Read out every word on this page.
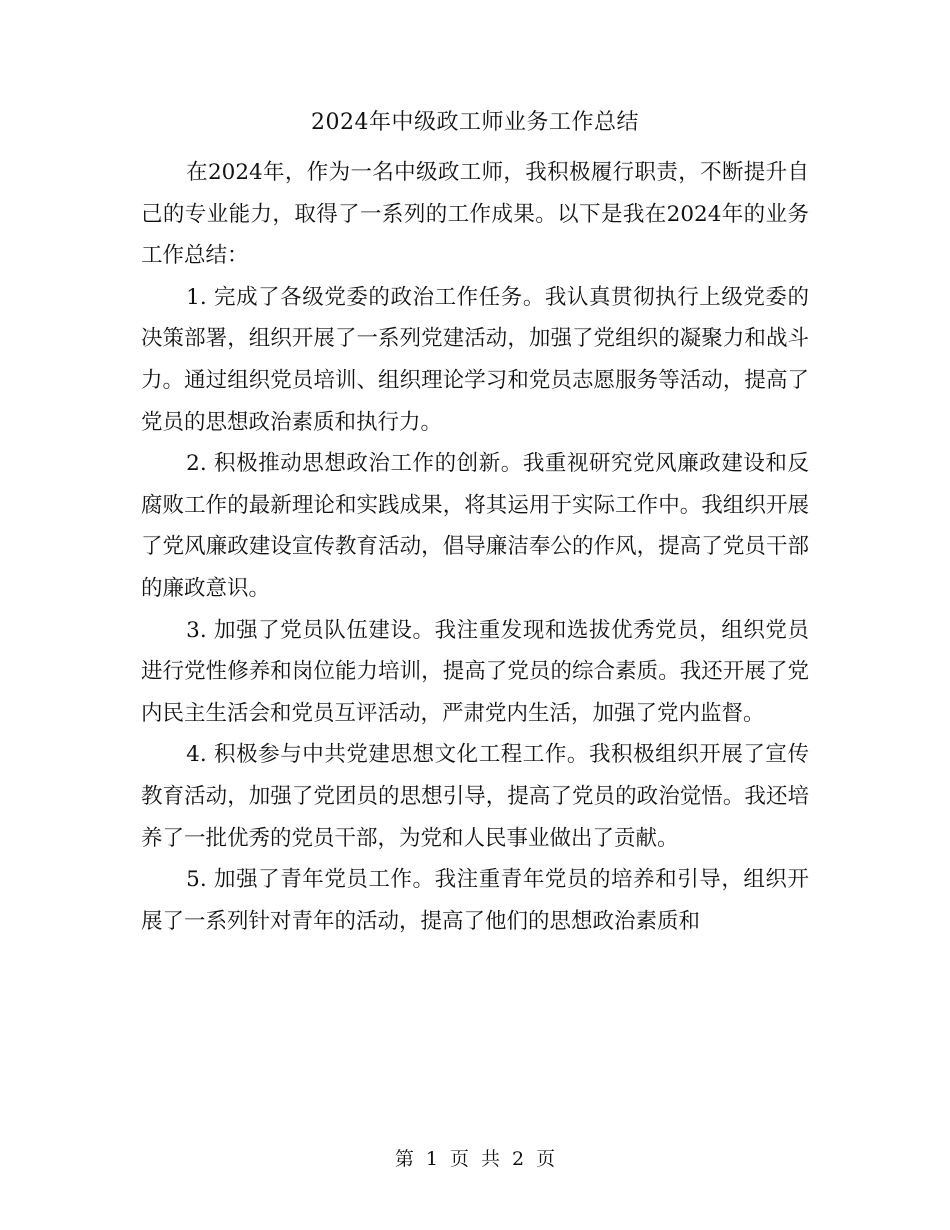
2024年中级政工师业务工作总结

在2024年，作为一名中级政工师，我积极履行职责，不断提升自己的专业能力，取得了一系列的工作成果。以下是我在2024年的业务工作总结：

1. 完成了各级党委的政治工作任务。我认真贯彻执行上级党委的决策部署，组织开展了一系列党建活动，加强了党组织的凝聚力和战斗力。通过组织党员培训、组织理论学习和党员志愿服务等活动，提高了党员的思想政治素质和执行力。

2. 积极推动思想政治工作的创新。我重视研究党风廉政建设和反腐败工作的最新理论和实践成果，将其运用于实际工作中。我组织开展了党风廉政建设宣传教育活动，倡导廉洁奉公的作风，提高了党员干部的廉政意识。

3. 加强了党员队伍建设。我注重发现和选拔优秀党员，组织党员进行党性修养和岗位能力培训，提高了党员的综合素质。我还开展了党内民主生活会和党员互评活动，严肃党内生活，加强了党内监督。

4. 积极参与中共党建思想文化工程工作。我积极组织开展了宣传教育活动，加强了党团员的思想引导，提高了党员的政治觉悟。我还培养了一批优秀的党员干部，为党和人民事业做出了贡献。

5. 加强了青年党员工作。我注重青年党员的培养和引导，组织开展了一系列针对青年的活动，提高了他们的思想政治素质和

第 1 页 共 2 页
